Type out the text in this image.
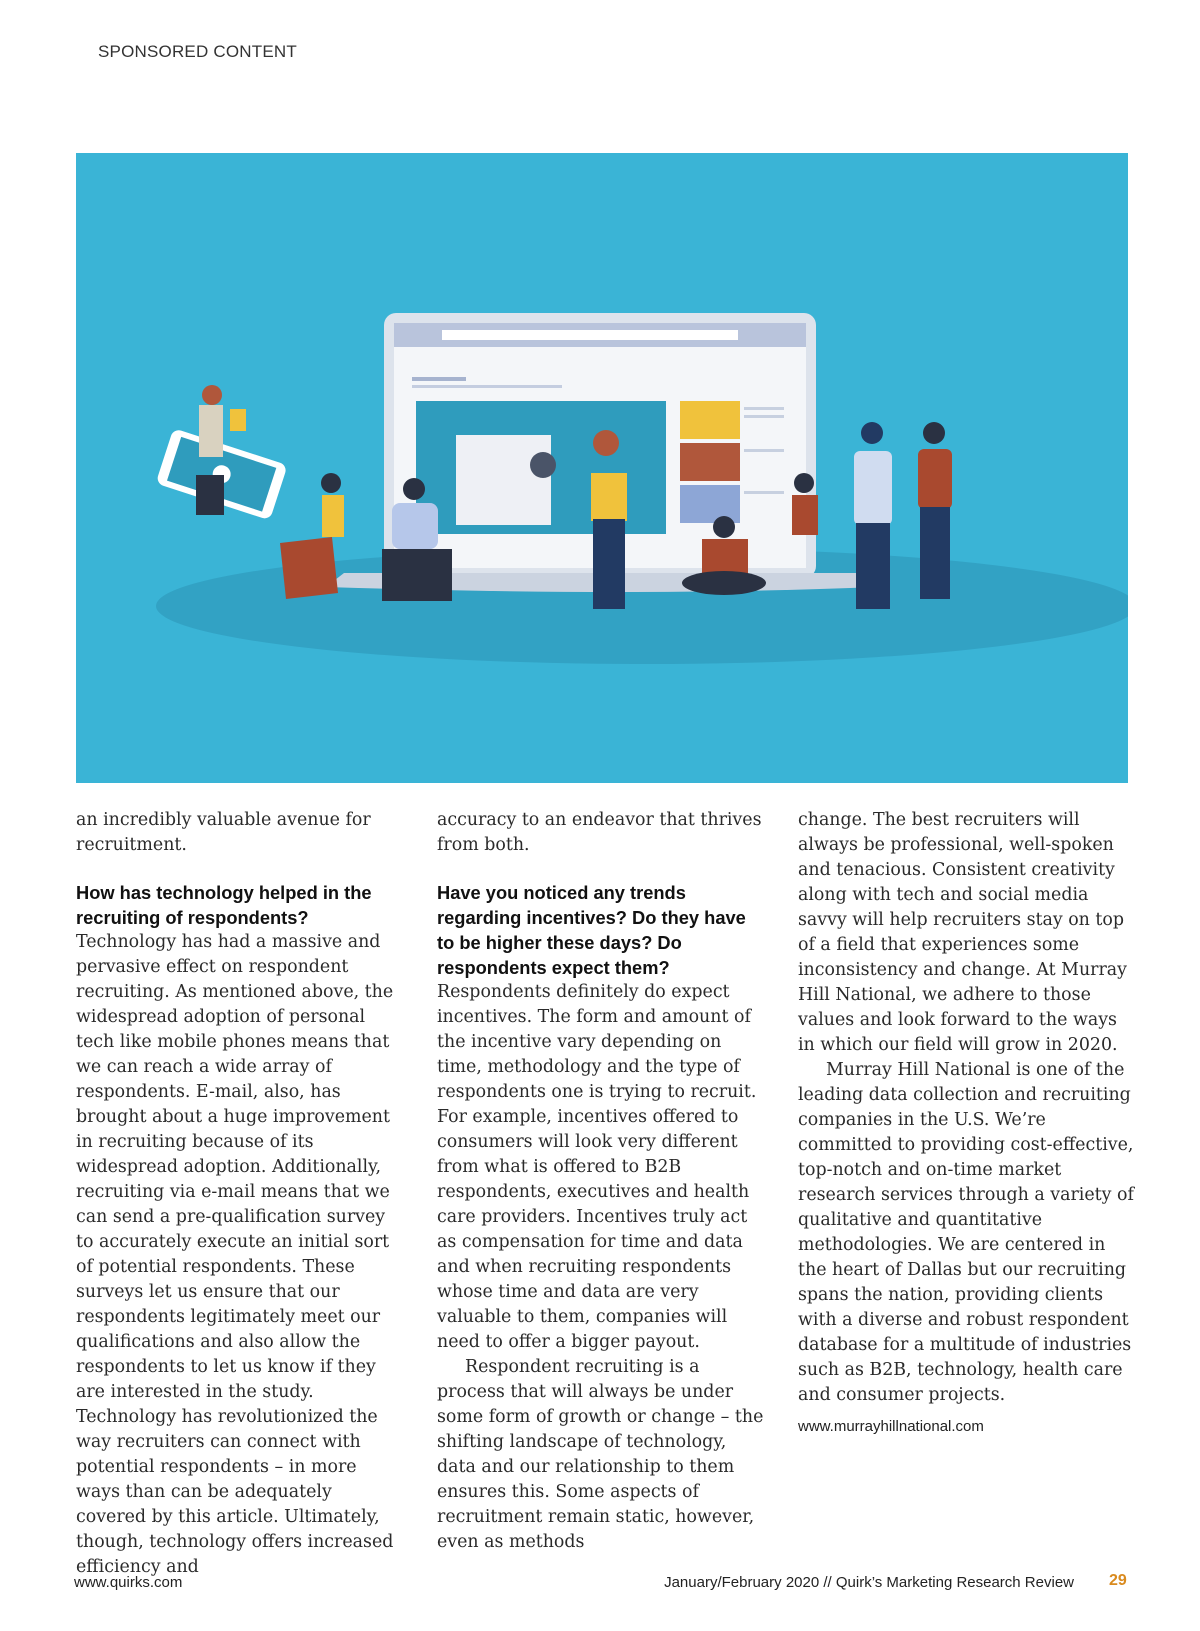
SPONSORED CONTENT

an incredibly valuable avenue for recruitment.

How has technology helped in the recruiting of respondents?

Technology has had a massive and pervasive effect on respondent recruiting. As mentioned above, the widespread adoption of personal tech like mobile phones means that we can reach a wide array of respondents. E-mail, also, has brought about a huge improvement in recruiting because of its widespread adoption. Additionally, recruiting via e-mail means that we can send a pre-qualification survey to accurately execute an initial sort of potential respondents. These surveys let us ensure that our respondents legitimately meet our qualifications and also allow the respondents to let us know if they are interested in the study. Technology has revolutionized the way recruiters can connect with potential respondents – in more ways than can be adequately covered by this article. Ultimately, though, technology offers increased efficiency and

accuracy to an endeavor that thrives from both.

Have you noticed any trends regarding incentives? Do they have to be higher these days? Do respondents expect them?

Respondents definitely do expect incentives. The form and amount of the incentive vary depending on time, methodology and the type of respondents one is trying to recruit. For example, incentives offered to consumers will look very different from what is offered to B2B respondents, executives and health care providers. Incentives truly act as compensation for time and data and when recruiting respondents whose time and data are very valuable to them, companies will need to offer a bigger payout.

Respondent recruiting is a process that will always be under some form of growth or change – the shifting landscape of technology, data and our relationship to them ensures this. Some aspects of recruitment remain static, however, even as methods

change. The best recruiters will always be professional, well-spoken and tenacious. Consistent creativity along with tech and social media savvy will help recruiters stay on top of a field that experiences some inconsistency and change. At Murray Hill National, we adhere to those values and look forward to the ways in which our field will grow in 2020.

Murray Hill National is one of the leading data collection and recruiting companies in the U.S. We’re committed to providing cost-effective, top-notch and on-time market research services through a variety of qualitative and quantitative methodologies. We are centered in the heart of Dallas but our recruiting spans the nation, providing clients with a diverse and robust respondent database for a multitude of industries such as B2B, technology, health care and consumer projects.

www.murrayhillnational.com

www.quirks.com	January/February 2020 // Quirk’s Marketing Research Review 29
